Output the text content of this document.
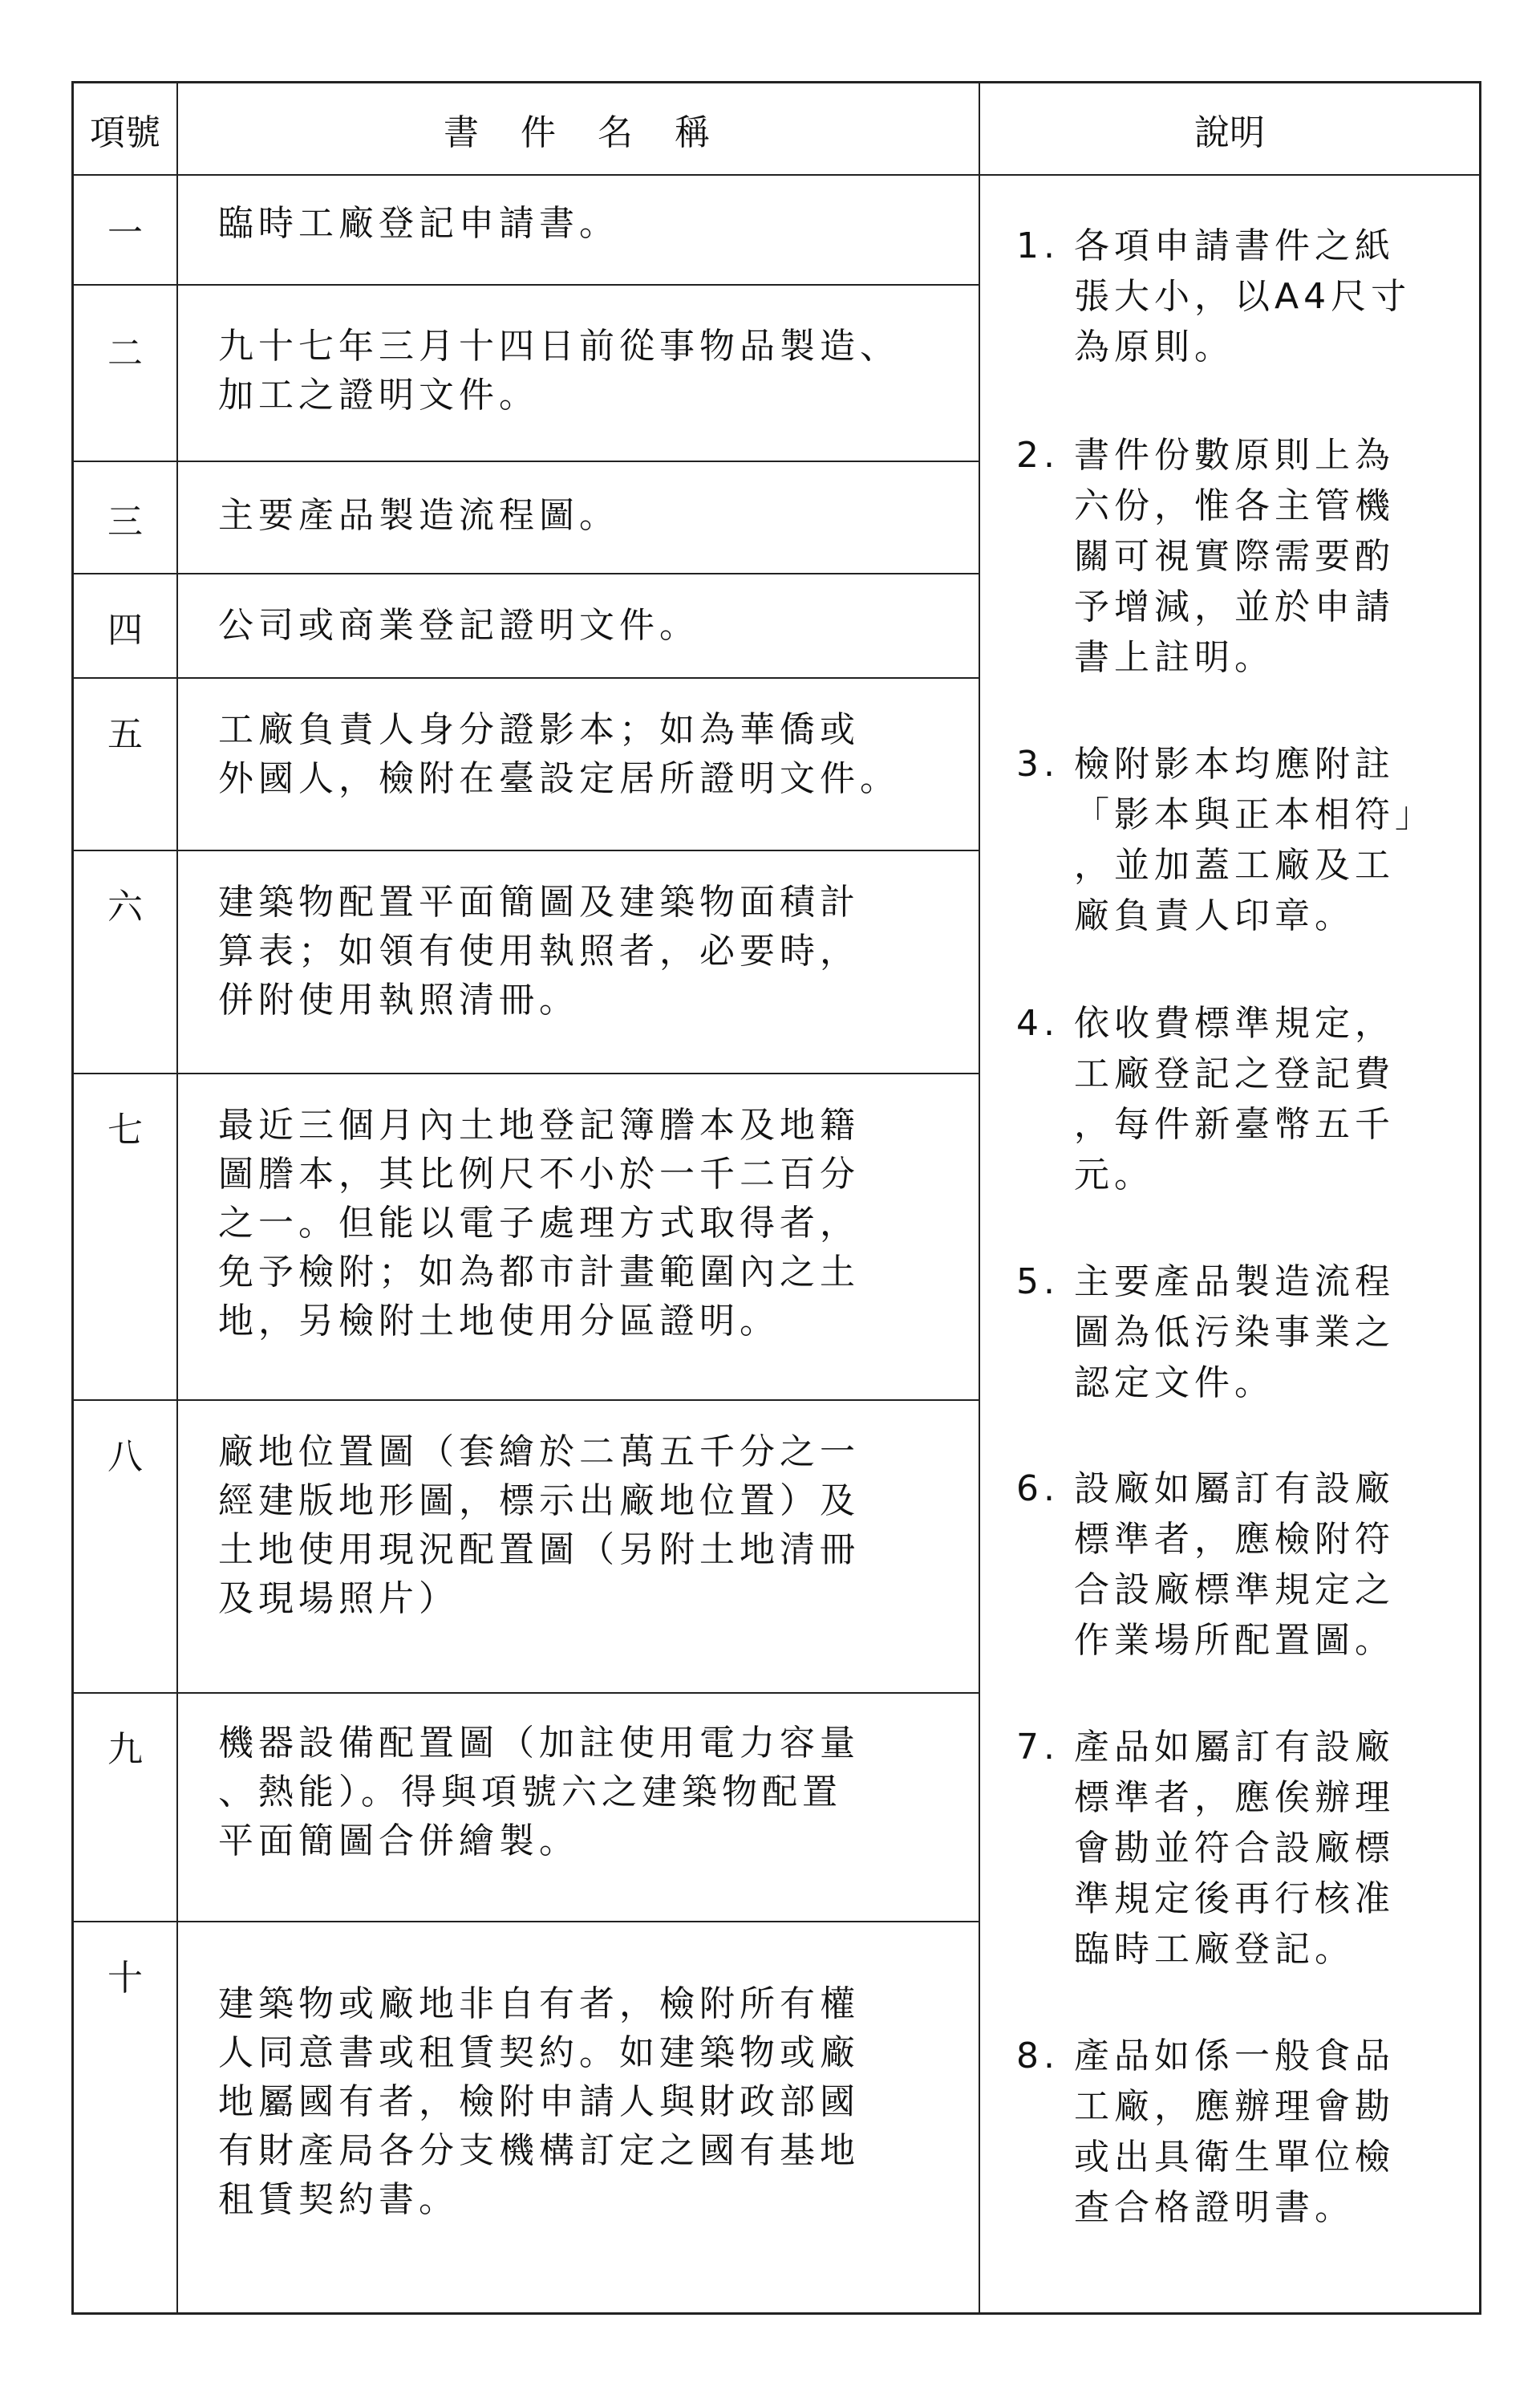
項號	書　件　名　稱	說明
一
二
三
四
五
六
七
八
九
十
臨時工廠登記申請書。
九十七年三月十四日前從事物品製造、
加工之證明文件。
主要產品製造流程圖。
公司或商業登記證明文件。
工廠負責人身分證影本；如為華僑或
外國人，檢附在臺設定居所證明文件。
建築物配置平面簡圖及建築物面積計
算表；如領有使用執照者，必要時，
併附使用執照清冊。
最近三個月內土地登記簿謄本及地籍
圖謄本，其比例尺不小於一千二百分
之一。但能以電子處理方式取得者，
免予檢附；如為都市計畫範圍內之土
地，另檢附土地使用分區證明。
廠地位置圖（套繪於二萬五千分之一
經建版地形圖，標示出廠地位置）及
土地使用現況配置圖（另附土地清冊
及現場照片）
機器設備配置圖（加註使用電力容量
、熱能）。得與項號六之建築物配置
平面簡圖合併繪製。
建築物或廠地非自有者，檢附所有權
人同意書或租賃契約。如建築物或廠
地屬國有者，檢附申請人與財政部國
有財產局各分支機構訂定之國有基地
租賃契約書。
1. 各項申請書件之紙
張大小，以A4尺寸
為原則。
2. 書件份數原則上為
六份，惟各主管機
關可視實際需要酌
予增減，並於申請
書上註明。
3. 檢附影本均應附註
「影本與正本相符」
，並加蓋工廠及工
廠負責人印章。
4. 依收費標準規定，
工廠登記之登記費
，每件新臺幣五千
元。
5. 主要產品製造流程
圖為低污染事業之
認定文件。
6. 設廠如屬訂有設廠
標準者，應檢附符
合設廠標準規定之
作業場所配置圖。
7. 產品如屬訂有設廠
標準者，應俟辦理
會勘並符合設廠標
準規定後再行核准
臨時工廠登記。
8. 產品如係一般食品
工廠，應辦理會勘
或出具衛生單位檢
查合格證明書。
